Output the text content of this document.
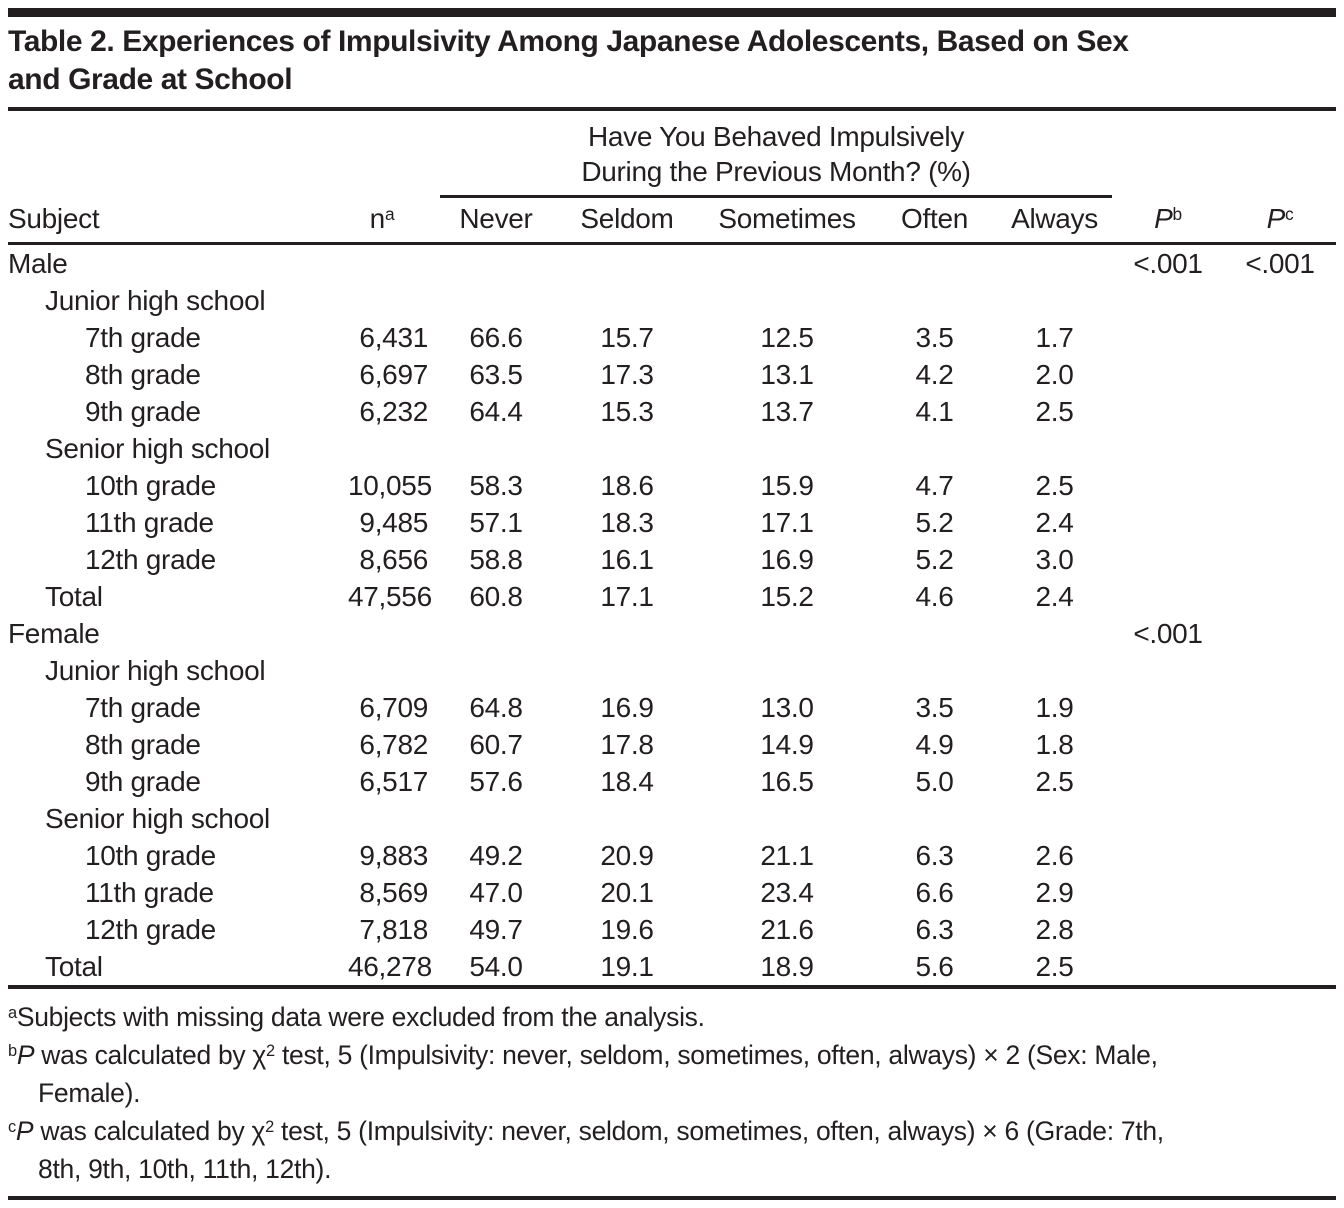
Table 2. Experiences of Impulsivity Among Japanese Adolescents, Based on Sex and Grade at School

		Have You Behaved Impulsively
During the Previous Month? (%)						

Subject	$n^a$	Never	Seldom	Sometimes	Often	Always	$P^b$	$P^c$
Male							<.001	<.001
Junior high school								
7th grade	6,431	66.6	15.7	12.5	3.5	1.7		
8th grade	6,697	63.5	17.3	13.1	4.2	2.0		
9th grade	6,232	64.4	15.3	13.7	4.1	2.5		
Senior high school								
10th grade	10,055	58.3	18.6	15.9	4.7	2.5		
11th grade	9,485	57.1	18.3	17.1	5.2	2.4		
12th grade	8,656	58.8	16.1	16.9	5.2	3.0		
Total	47,556	60.8	17.1	15.2	4.6	2.4		
Female							<.001	
Junior high school								
7th grade	6,709	64.8	16.9	13.0	3.5	1.9		
8th grade	6,782	60.7	17.8	14.9	4.9	1.8		
9th grade	6,517	57.6	18.4	16.5	5.0	2.5		
Senior high school								
10th grade	9,883	49.2	20.9	21.1	6.3	2.6		
11th grade	8,569	47.0	20.1	23.4	6.6	2.9		
12th grade	7,818	49.7	19.6	21.6	6.3	2.8		
Total	46,278	54.0	19.1	18.9	5.6	2.5		
$^a$Subjects with missing data were excluded from the analysis.
$^b$P was calculated by $\chi^2$ test, 5 (Impulsivity: never, seldom, sometimes, often, always) × 2 (Sex: Male,
Female).
$^c$P was calculated by $\chi^2$ test, 5 (Impulsivity: never, seldom, sometimes, often, always) × 6 (Grade: 7th,
8th, 9th, 10th, 11th, 12th).
